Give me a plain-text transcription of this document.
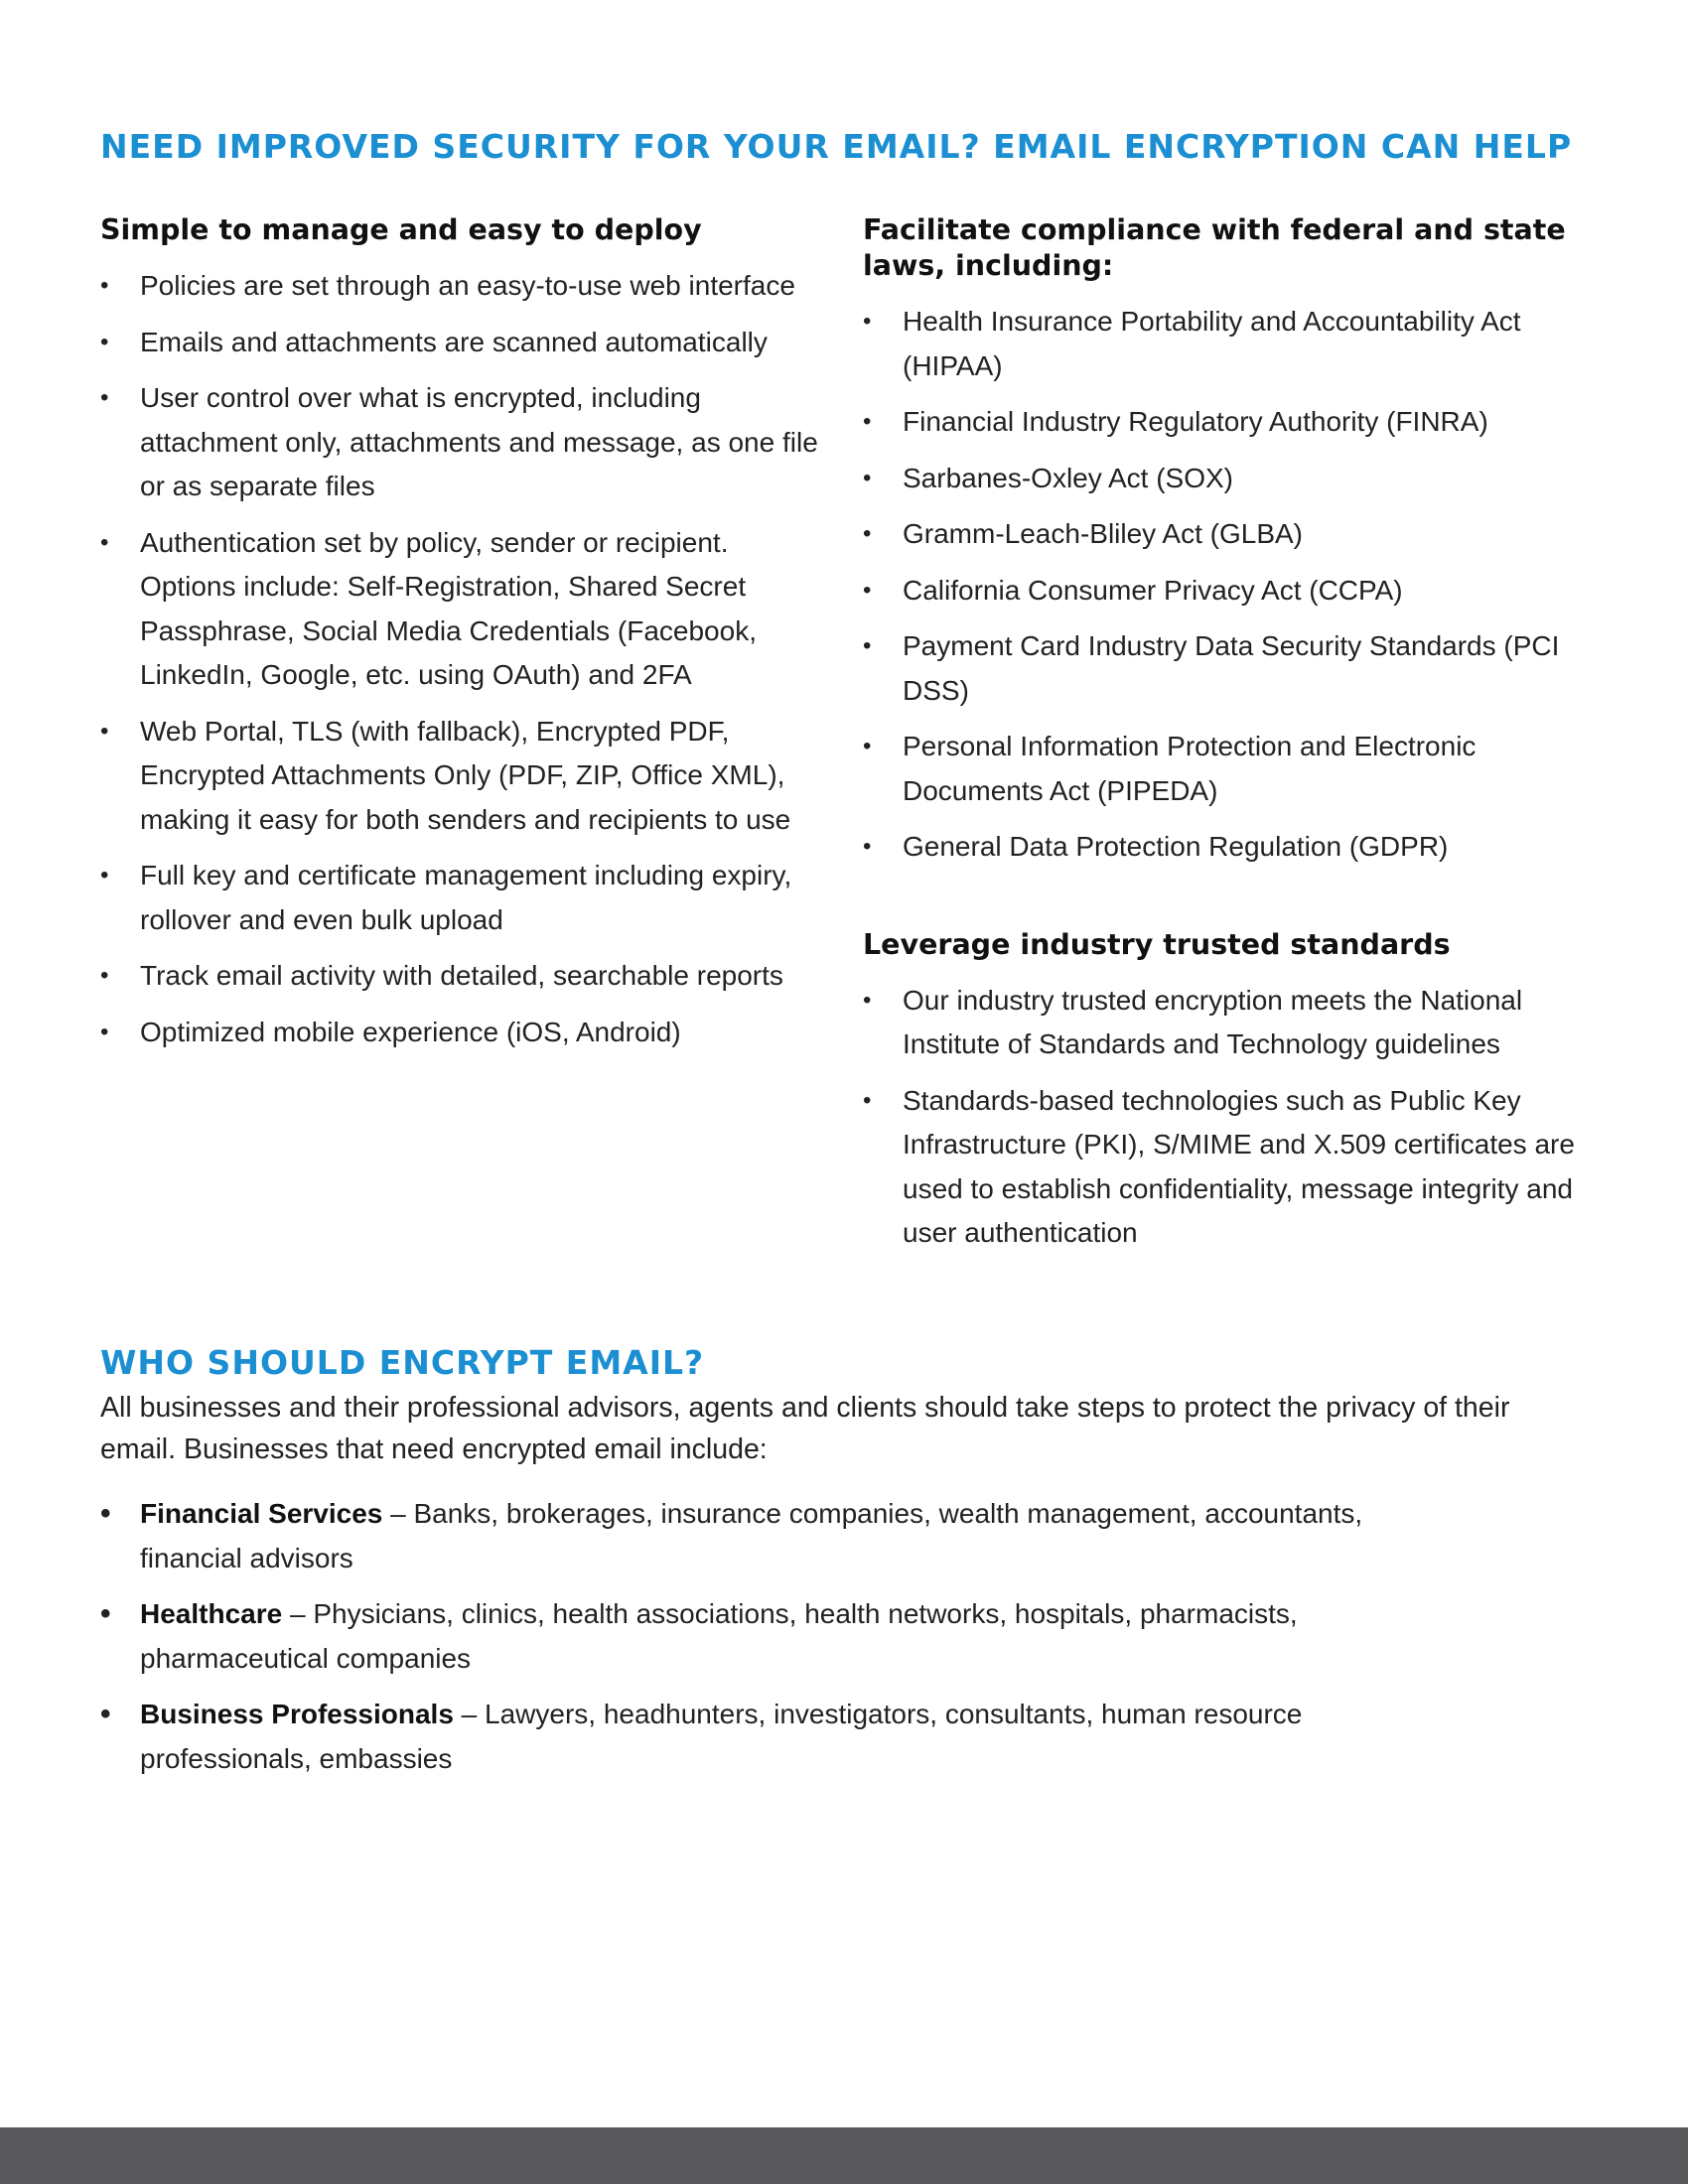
NEED IMPROVED SECURITY FOR YOUR EMAIL? EMAIL ENCRYPTION CAN HELP
Simple to manage and easy to deploy
• Policies are set through an easy-to-use web interface
• Emails and attachments are scanned automatically
• User control over what is encrypted, including attachment only, attachments and message, as one file or as separate files
• Authentication set by policy, sender or recipient. Options include: Self-Registration, Shared Secret Passphrase, Social Media Credentials (Facebook, LinkedIn, Google, etc. using OAuth) and 2FA
• Web Portal, TLS (with fallback), Encrypted PDF, Encrypted Attachments Only (PDF, ZIP, Office XML), making it easy for both senders and recipients to use
• Full key and certificate management including expiry, rollover and even bulk upload
• Track email activity with detailed, searchable reports
• Optimized mobile experience (iOS, Android)
Facilitate compliance with federal and state laws, including:
• Health Insurance Portability and Accountability Act (HIPAA)
• Financial Industry Regulatory Authority (FINRA)
• Sarbanes-Oxley Act (SOX)
• Gramm-Leach-Bliley Act (GLBA)
• California Consumer Privacy Act (CCPA)
• Payment Card Industry Data Security Standards (PCI DSS)
• Personal Information Protection and Electronic Documents Act (PIPEDA)
• General Data Protection Regulation (GDPR)
Leverage industry trusted standards
• Our industry trusted encryption meets the National Institute of Standards and Technology guidelines
• Standards-based technologies such as Public Key Infrastructure (PKI), S/MIME and X.509 certificates are used to establish confidentiality, message integrity and user authentication
WHO SHOULD ENCRYPT EMAIL?

All businesses and their professional advisors, agents and clients should take steps to protect the privacy of their email. Businesses that need encrypted email include:

• Financial Services – Banks, brokerages, insurance companies, wealth management, accountants, financial advisors
• Healthcare – Physicians, clinics, health associations, health networks, hospitals, pharmacists, pharmaceutical companies
• Business Professionals – Lawyers, headhunters, investigators, consultants, human resource professionals, embassies
